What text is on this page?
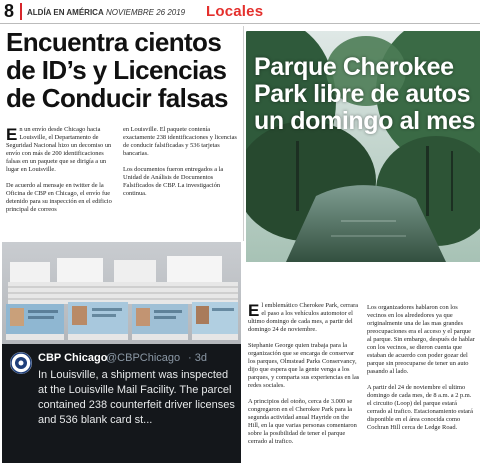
8 ALDÍA EN AMÉRICA NOVIEMBRE 26 2019 Locales
Encuentra cientos de ID’s y Licencias de Conducir falsas

En un envío desde Chicago hacia Louisville, el Departamento de Seguridad Nacional hizo un decomiso un envío con más de 200 identificaciones falsas en un paquete que se dirigía a un lugar en Louisville.

De acuerdo al mensaje en twitter de la Oficina de CBP en Chicago, el envío fue detenido para su inspección en el edificio principal de correos

en Louisville. El paquete contenía exactamente 238 identificaciones y licencias de conducir falsificadas y 536 tarjetas bancarias.

Los documentos fueron entregados a la Unidad de Análisis de Documentos Falsificados de CBP. La investigación continua.

CBP Chicago
@CBPChicago · 3d

In Louisville, a shipment was inspected at the Louisville Mail Facility. The parcel contained 238 counterfeit driver licenses and 536 blank card st...

Parque Cherokee Park libre de autos un domingo al mes

El emblemático Cherokee Park, cerrara el paso a los vehículos automotor el ultimo domingo de cada mes, a partir del domingo 24 de noviembre.

Stephanie George quien trabaja para la organización que se encarga de conservar los parques, Olmstead Parks Conservancy, dijo que espera que la gente venga a los parques, y comparta sus experiencias en las redes sociales.

A principios del otoño, cerca de 3.000 se congregaron en el Cherokee Park para la segunda actividad anual Hayride on the Hill, en la que varias personas comentaron sobre la posibilidad de tener el parque cerrado al trafico.

Los organizadores hablaron con los vecinos en los alrededores ya que originalmente una de las mas grandes preocupaciones era el acceso y el parque al parque. Sin embargo, después de hablar con los vecinos, se dieron cuenta que estaban de acuerdo con poder gozar del parque sin preocuparse de tener un auto pasando al lado.

A partir del 24 de noviembre el ultimo domingo de cada mes, de 8 a.m. a 2 p.m. el circuito (Loop) del parque estará cerrado al trafico. Estacionamiento estará disponible en el área conocida como Cochran Hill cerca de Ledge Road.
